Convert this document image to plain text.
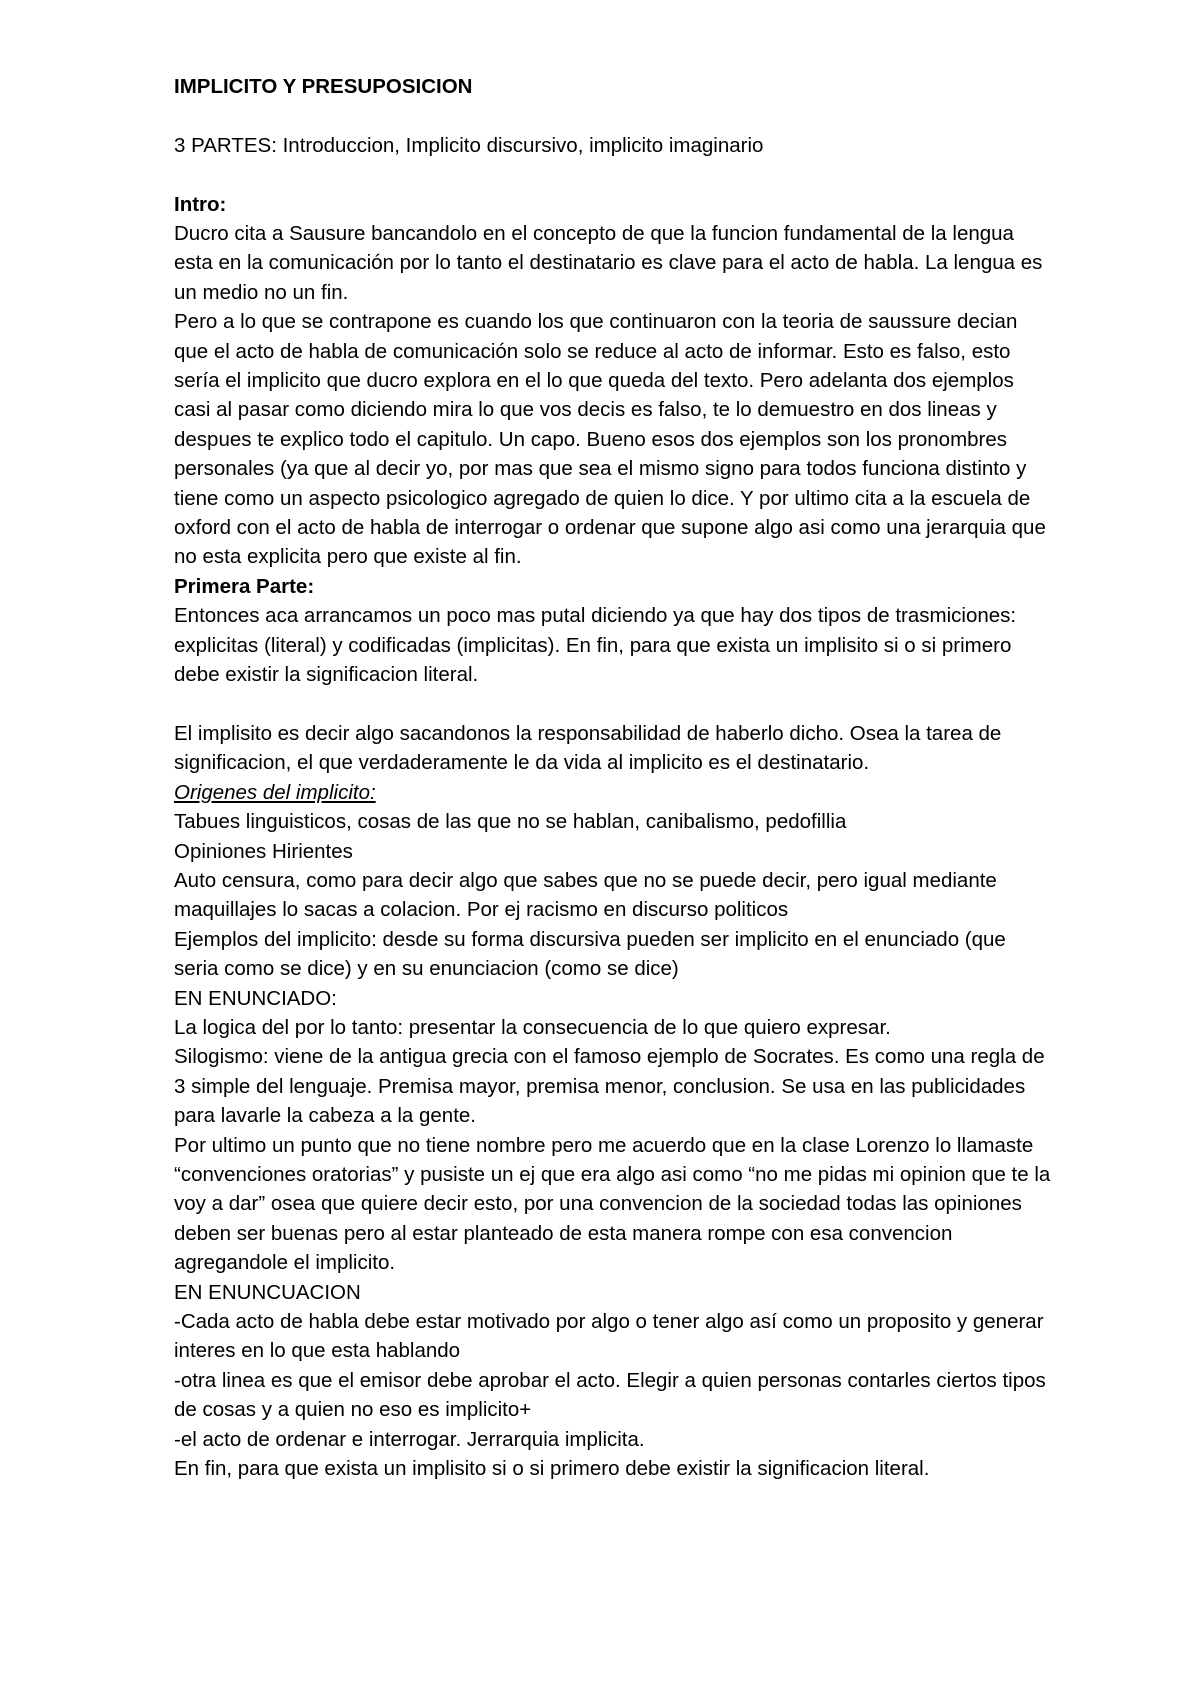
IMPLICITO Y PRESUPOSICION

3 PARTES: Introduccion, Implicito discursivo, implicito imaginario

Intro:

Ducro cita a Sausure bancandolo en el concepto de que la funcion fundamental de la lengua esta en la comunicación por lo tanto el destinatario es clave para el acto de habla. La lengua es un medio no un fin.

Pero a lo que se contrapone es cuando los que continuaron con la teoria de saussure decian que el acto de habla de comunicación solo se reduce al acto de informar. Esto es falso, esto sería el implicito que ducro explora en el lo que queda del texto. Pero adelanta dos ejemplos casi al pasar como diciendo mira lo que vos decis es falso, te lo demuestro en dos lineas y despues te explico todo el capitulo. Un capo. Bueno esos dos ejemplos son los pronombres personales (ya que al decir yo, por mas que sea el mismo signo para todos funciona distinto y tiene como un aspecto psicologico agregado de quien lo dice. Y por ultimo cita a la escuela de oxford con el acto de habla de interrogar o ordenar que supone algo asi como una jerarquia que no esta explicita pero que existe al fin.

Primera Parte:

Entonces aca arrancamos un poco mas putal diciendo ya que hay dos tipos de trasmiciones: explicitas (literal) y codificadas (implicitas). En fin, para que exista un implisito si o si primero debe existir la significacion literal.

El implisito es decir algo sacandonos la responsabilidad de haberlo dicho. Osea la tarea de significacion, el que verdaderamente le da vida al implicito es el destinatario.

Origenes del implicito:

Tabues linguisticos, cosas de las que no se hablan, canibalismo, pedofillia

Opiniones Hirientes

Auto censura, como para decir algo que sabes que no se puede decir, pero igual mediante maquillajes lo sacas a colacion. Por ej racismo en discurso politicos

Ejemplos del implicito: desde su forma discursiva pueden ser implicito en el enunciado (que seria como se dice) y en su enunciacion (como se dice)

EN ENUNCIADO:

La logica del por lo tanto: presentar la consecuencia de lo que quiero expresar.

Silogismo: viene de la antigua grecia con el famoso ejemplo de Socrates. Es como una regla de 3 simple del lenguaje. Premisa mayor, premisa menor, conclusion. Se usa en las publicidades para lavarle la cabeza a la gente.

Por ultimo un punto que no tiene nombre pero me acuerdo que en la clase Lorenzo lo llamaste “convenciones oratorias” y pusiste un ej que era algo asi como “no me pidas mi opinion que te la voy a dar” osea que quiere decir esto, por una convencion de la sociedad todas las opiniones deben ser buenas pero al estar planteado de esta manera rompe con esa convencion agregandole el implicito.

EN ENUNCUACION

-Cada acto de habla debe estar motivado por algo o tener algo así como un proposito y generar interes en lo que esta hablando

-otra linea es que el emisor debe aprobar el acto. Elegir a quien personas contarles ciertos tipos de cosas y a quien no eso es implicito+

-el acto de ordenar e interrogar. Jerrarquia implicita.

En fin, para que exista un implisito si o si primero debe existir la significacion literal.
